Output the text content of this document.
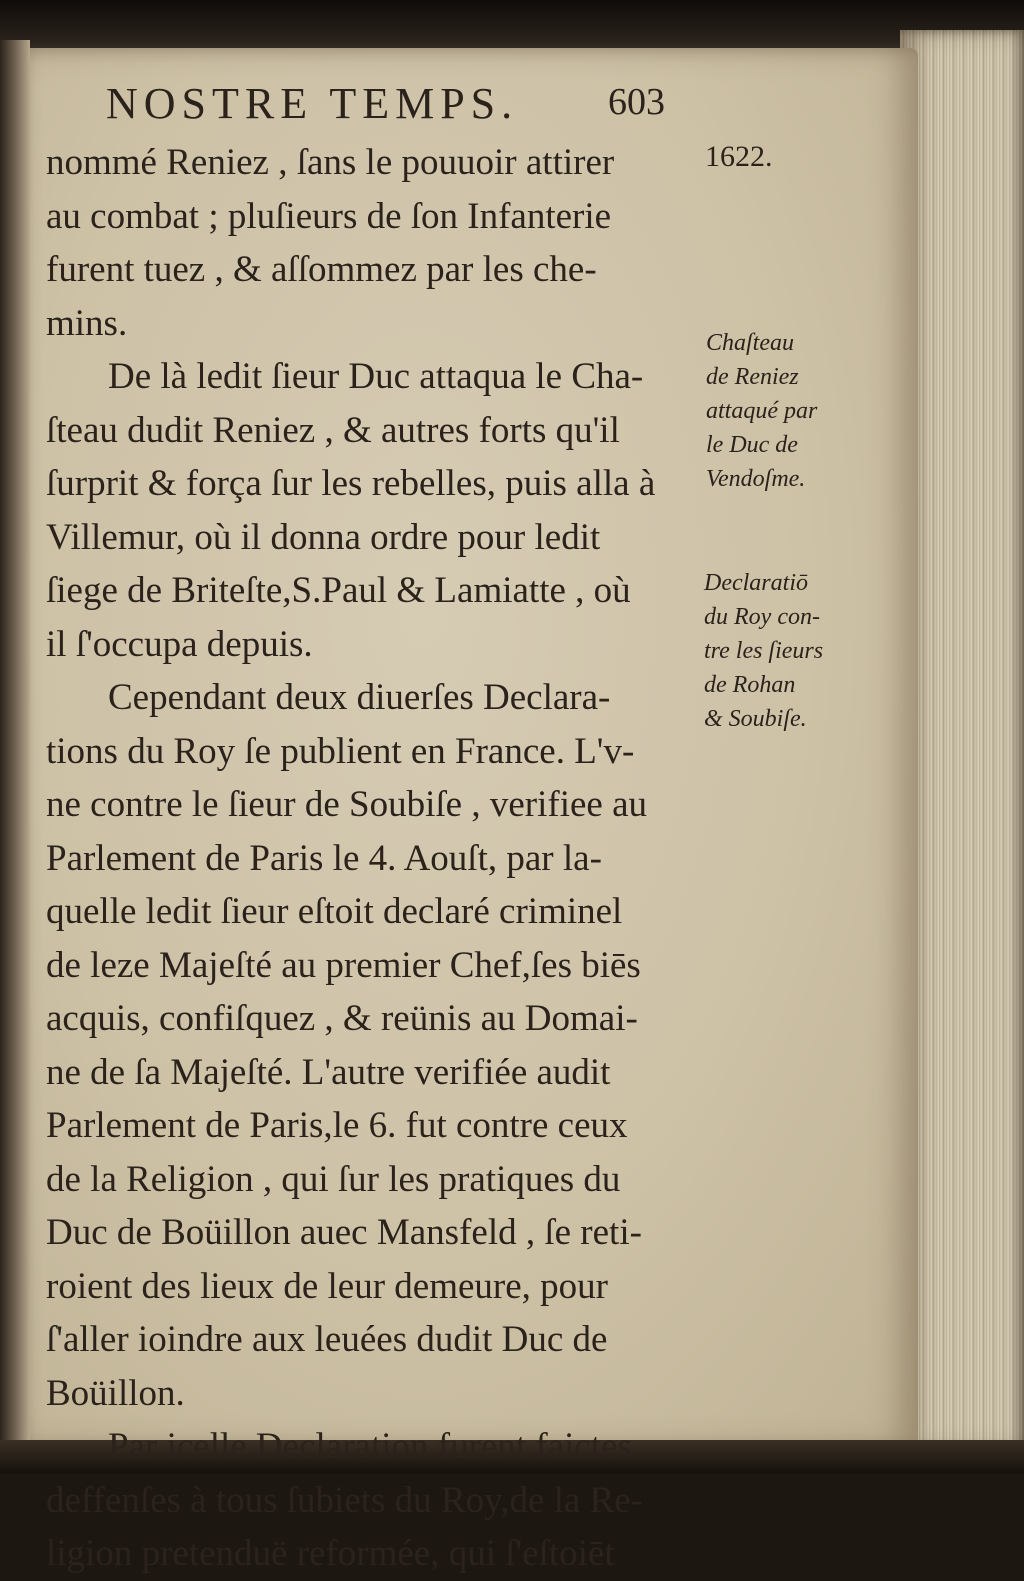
NOSTRE TEMPS. 603
nommé Reniez , ſans le pouuoir attirer
au combat ; pluſieurs de ſon Infanterie
furent tuez , & aſſommez par les che-
mins.
De là ledit ſieur Duc attaqua le Cha-
ſteau dudit Reniez , & autres forts qu'il
ſurprit & força ſur les rebelles, puis alla à
Villemur, où il donna ordre pour ledit
ſiege de Briteſte,S.Paul & Lamiatte , où
il ſ'occupa depuis.
Cependant deux diuerſes Declara-
tions du Roy ſe publient en France. L'v-
ne contre le ſieur de Soubiſe , verifiee au
Parlement de Paris le 4. Aouſt, par la-
quelle ledit ſieur eſtoit declaré criminel
de leze Majeſté au premier Chef,ſes biēs
acquis, confiſquez , & reünis au Domai-
ne de ſa Majeſté. L'autre verifiée audit
Parlement de Paris,le 6. fut contre ceux
de la Religion , qui ſur les pratiques du
Duc de Boüillon auec Mansfeld , ſe reti-
roient des lieux de leur demeure, pour
ſ'aller ioindre aux leuées dudit Duc de
Boüillon.
Par icelle Declaration furent faictes
deffenſes à tous ſubiets du Roy,de la Re-
ligion pretenduë reformée, qui ſ'eſtoiēt
1622.
Chaſteau
de Reniez
attaqué par
le Duc de
Vendoſme.
Declaratiō
du Roy con-
tre les ſieurs
de Rohan
& Soubiſe.
